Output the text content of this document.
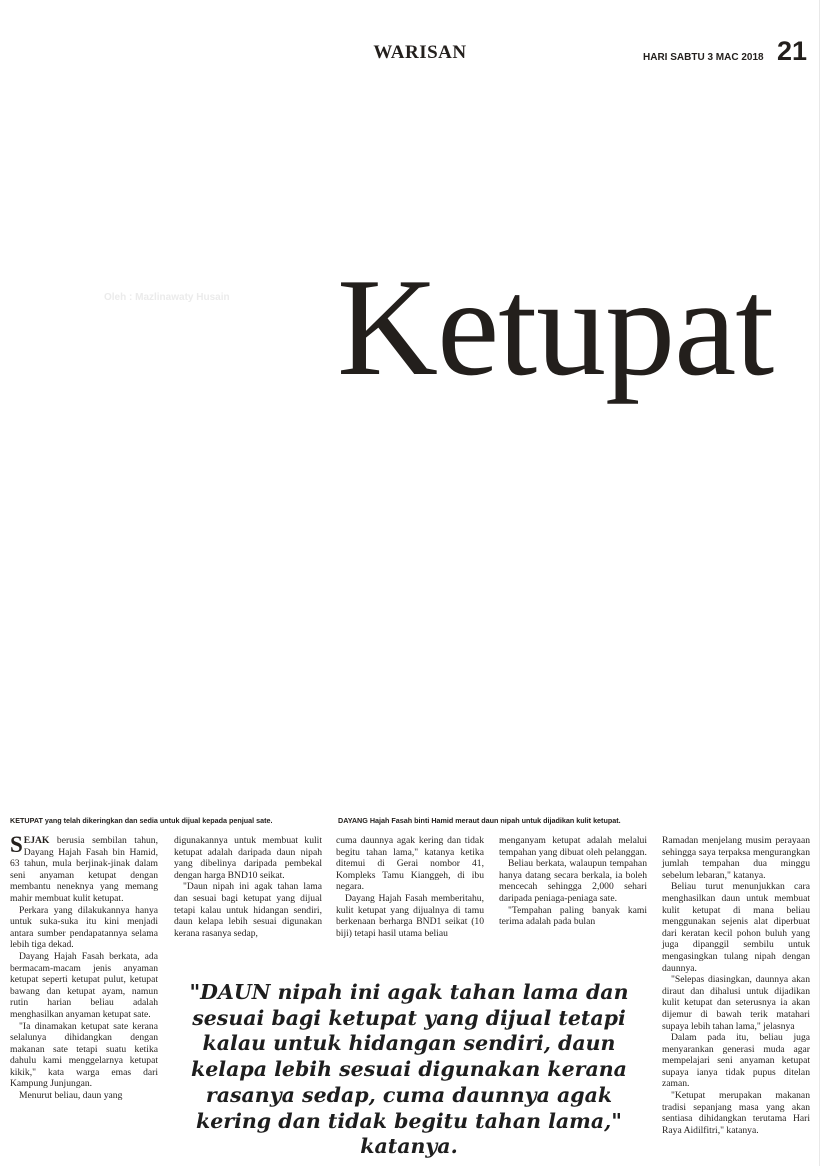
WARISAN	HARI SABTU 3 MAC 2018 21
Oleh : Mazlinawaty Husain Ketupat
KETUPAT yang telah dikeringkan dan sedia untuk dijual kepada penjual sate.	DAYANG Hajah Fasah binti Hamid meraut daun nipah untuk dijadikan kulit ketupat.

SEJAK berusia sembilan tahun, Dayang Hajah Fasah bin Hamid, 63 tahun, mula berjinak-jinak dalam seni anyaman ketupat dengan membantu neneknya yang memang mahir membuat kulit ketupat.

Perkara yang dilakukannya hanya untuk suka-suka itu kini menjadi antara sumber pendapatannya selama lebih tiga dekad.

Dayang Hajah Fasah berkata, ada bermacam-macam jenis anyaman ketupat seperti ketupat pulut, ketupat bawang dan ketupat ayam, namun rutin harian beliau adalah menghasilkan anyaman ketupat sate.

"Ia dinamakan ketupat sate kerana selalunya dihidangkan dengan makanan sate tetapi suatu ketika dahulu kami menggelarnya ketupat kikik," kata warga emas dari Kampung Junjungan.

Menurut beliau, daun yang

digunakannya untuk membuat kulit ketupat adalah daripada daun nipah yang dibelinya daripada pembekal dengan harga BND10 seikat.

"Daun nipah ini agak tahan lama dan sesuai bagi ketupat yang dijual tetapi kalau untuk hidangan sendiri, daun kelapa lebih sesuai digunakan kerana rasanya sedap,

cuma daunnya agak kering dan tidak begitu tahan lama," katanya ketika ditemui di Gerai nombor 41, Kompleks Tamu Kianggeh, di ibu negara.

Dayang Hajah Fasah memberitahu, kulit ketupat yang dijualnya di tamu berkenaan berharga BND1 seikat (10 biji) tetapi hasil utama beliau

menganyam ketupat adalah melalui tempahan yang dibuat oleh pelanggan.

Beliau berkata, walaupun tempahan hanya datang secara berkala, ia boleh mencecah sehingga 2,000 sehari daripada peniaga-peniaga sate.

"Tempahan paling banyak kami terima adalah pada bulan

Ramadan menjelang musim perayaan sehingga saya terpaksa mengurangkan jumlah tempahan dua minggu sebelum lebaran," katanya.

Beliau turut menunjukkan cara menghasilkan daun untuk membuat kulit ketupat di mana beliau menggunakan sejenis alat diperbuat dari keratan kecil pohon buluh yang juga dipanggil sembilu untuk mengasingkan tulang nipah dengan daunnya.

"Selepas diasingkan, daunnya akan diraut dan dihalusi untuk dijadikan kulit ketupat dan seterusnya ia akan dijemur di bawah terik matahari supaya lebih tahan lama," jelasnya

Dalam pada itu, beliau juga menyarankan generasi muda agar mempelajari seni anyaman ketupat supaya ianya tidak pupus ditelan zaman.

"Ketupat merupakan makanan tradisi sepanjang masa yang akan sentiasa dihidangkan terutama Hari Raya Aidilfitri," katanya.

"DAUN nipah ini agak tahan lama dan sesuai bagi ketupat yang dijual tetapi kalau untuk hidangan sendiri, daun kelapa lebih sesuai digunakan kerana rasanya sedap, cuma daunnya agak kering dan tidak begitu tahan lama," katanya.
